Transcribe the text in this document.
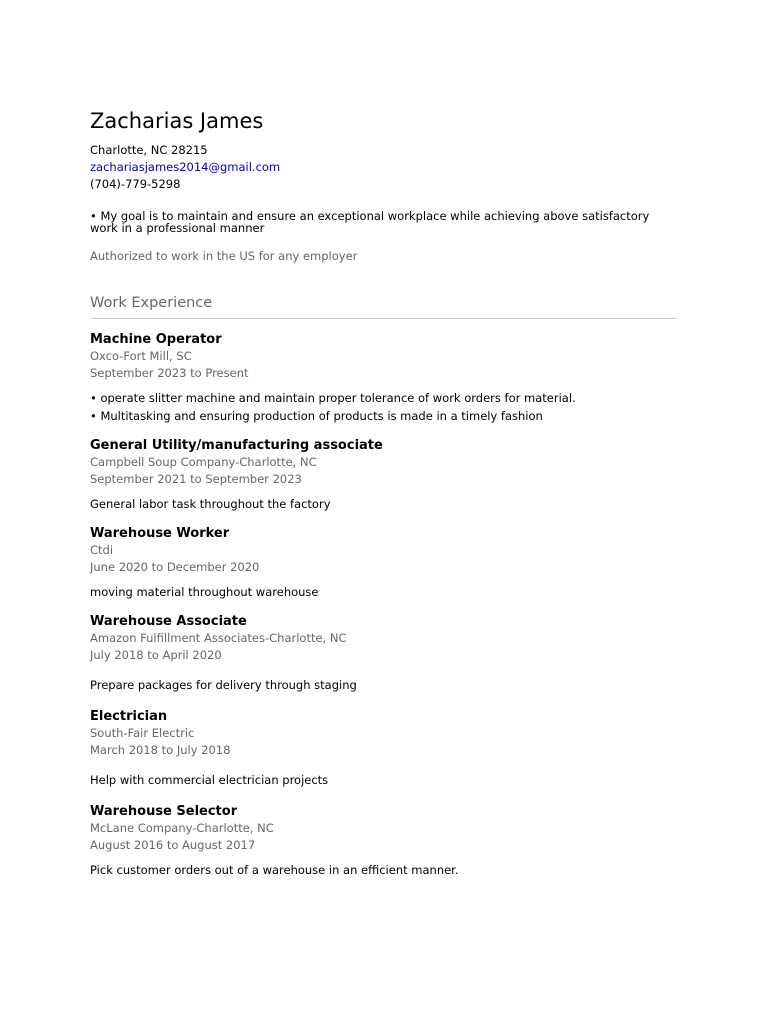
Zacharias James
Charlotte, NC 28215
zachariasjames2014@gmail.com
(704)-779-5298
• My goal is to maintain and ensure an exceptional workplace while achieving above satisfactory work in a professional manner
Authorized to work in the US for any employer
Work Experience
Machine Operator
Oxco-Fort Mill, SC
September 2023 to Present
• operate slitter machine and maintain proper tolerance of work orders for material.
• Multitasking and ensuring production of products is made in a timely fashion
General Utility/manufacturing associate
Campbell Soup Company-Charlotte, NC
September 2021 to September 2023
General labor task throughout the factory
Warehouse Worker
Ctdi
June 2020 to December 2020
moving material throughout warehouse
Warehouse Associate
Amazon Fulfillment Associates-Charlotte, NC
July 2018 to April 2020
Prepare packages for delivery through staging
Electrician
South-Fair Electric
March 2018 to July 2018
Help with commercial electrician projects
Warehouse Selector
McLane Company-Charlotte, NC
August 2016 to August 2017
Pick customer orders out of a warehouse in an efficient manner.
